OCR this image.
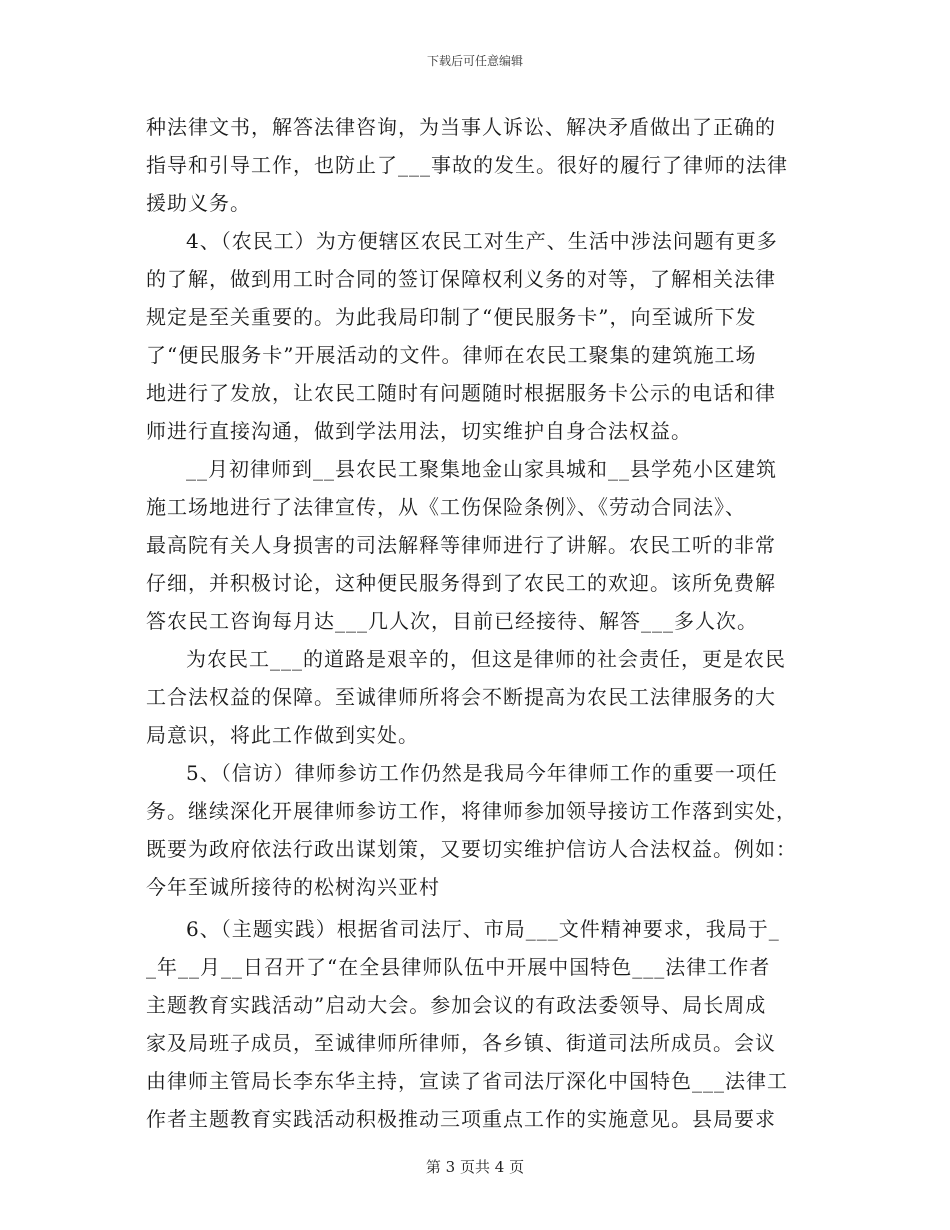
下载后可任意编辑
种法律文书，解答法律咨询，为当事人诉讼、解决矛盾做出了正确的
指导和引导工作，也防止了___事故的发生。很好的履行了律师的法律
援助义务。
4、（农民工）为方便辖区农民工对生产、生活中涉法问题有更多
的了解，做到用工时合同的签订保障权利义务的对等，了解相关法律
规定是至关重要的。为此我局印制了“便民服务卡”，向至诚所下发
了“便民服务卡”开展活动的文件。律师在农民工聚集的建筑施工场
地进行了发放，让农民工随时有问题随时根据服务卡公示的电话和律
师进行直接沟通，做到学法用法，切实维护自身合法权益。
__月初律师到__县农民工聚集地金山家具城和__县学苑小区建筑
施工场地进行了法律宣传，从《工伤保险条例》、《劳动合同法》、
最高院有关人身损害的司法解释等律师进行了讲解。农民工听的非常
仔细，并积极讨论，这种便民服务得到了农民工的欢迎。该所免费解
答农民工咨询每月达___几人次，目前已经接待、解答___多人次。
为农民工___的道路是艰辛的，但这是律师的社会责任，更是农民
工合法权益的保障。至诚律师所将会不断提高为农民工法律服务的大
局意识，将此工作做到实处。
5、（信访）律师参访工作仍然是我局今年律师工作的重要一项任
务。继续深化开展律师参访工作，将律师参加领导接访工作落到实处，
既要为政府依法行政出谋划策，又要切实维护信访人合法权益。例如：
今年至诚所接待的松树沟兴亚村
6、（主题实践）根据省司法厅、市局___文件精神要求，我局于_
_年__月__日召开了“在全县律师队伍中开展中国特色___法律工作者
主题教育实践活动”启动大会。参加会议的有政法委领导、局长周成
家及局班子成员，至诚律师所律师，各乡镇、街道司法所成员。会议
由律师主管局长李东华主持，宣读了省司法厅深化中国特色___法律工
作者主题教育实践活动积极推动三项重点工作的实施意见。县局要求
第 3 页共 4 页
